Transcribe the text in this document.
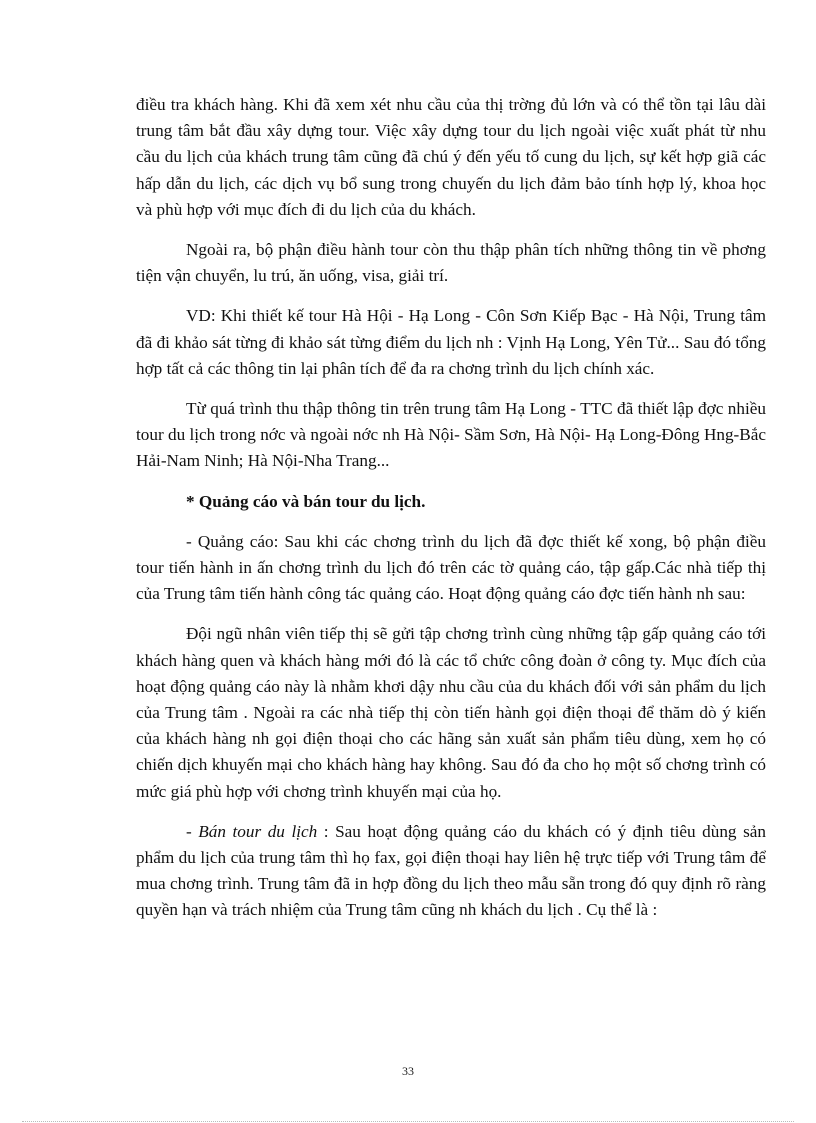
điều tra khách hàng. Khi đã xem xét nhu cầu của thị trờng đủ lớn và có thể tồn tại lâu dài trung tâm bắt đầu xây dựng tour. Việc xây dựng tour du lịch ngoài việc xuất phát từ nhu cầu du lịch của khách trung tâm cũng đã chú ý đến yếu tố cung du lịch, sự kết hợp giã các hấp dẫn du lịch, các dịch vụ bổ sung trong chuyến du lịch đảm bảo tính hợp lý, khoa học và phù hợp với mục đích đi du lịch của du khách.

Ngoài ra, bộ phận điều hành tour còn thu thập phân tích những thông tin về phơng tiện vận chuyển, lu trú, ăn uống, visa, giải trí.

VD: Khi thiết kế tour Hà Hội - Hạ Long - Côn Sơn Kiếp Bạc - Hà Nội, Trung tâm đã đi khảo sát từng đi khảo sát từng điểm du lịch nh : Vịnh Hạ Long, Yên Tử... Sau đó tổng hợp tất cả các thông tin lại phân tích để đa ra chơng trình du lịch chính xác.

Từ quá trình thu thập thông tin trên trung tâm Hạ Long - TTC đã thiết lập đợc nhiều tour du lịch trong nớc và ngoài nớc nh Hà Nội- Sầm Sơn, Hà Nội- Hạ Long-Đông Hng-Bắc Hải-Nam Ninh; Hà Nội-Nha Trang...

* Quảng cáo và bán tour du lịch.

- Quảng cáo: Sau khi các chơng trình du lịch đã đợc thiết kế xong, bộ phận điều tour tiến hành in ấn chơng trình du lịch đó trên các tờ quảng cáo, tập gấp.Các nhà tiếp thị của Trung tâm tiến hành công tác quảng cáo. Hoạt động quảng cáo đợc tiến hành nh sau:

Đội ngũ nhân viên tiếp thị sẽ gửi tập chơng trình cùng những tập gấp quảng cáo tới khách hàng quen và khách hàng mới đó là các tổ chức công đoàn ở công ty. Mục đích của hoạt động quảng cáo này là nhằm khơi dậy nhu cầu của du khách đối với sản phẩm du lịch của Trung tâm . Ngoài ra các nhà tiếp thị còn tiến hành gọi điện thoại để thăm dò ý kiến của khách hàng nh gọi điện thoại cho các hãng sản xuất sản phẩm tiêu dùng, xem họ có chiến dịch khuyến mại cho khách hàng hay không. Sau đó đa cho họ một số chơng trình có mức giá phù hợp với chơng trình khuyến mại của họ.

- Bán tour du lịch : Sau hoạt động quảng cáo du khách có ý định tiêu dùng sản phẩm du lịch của trung tâm thì họ fax, gọi điện thoại hay liên hệ trực tiếp với Trung tâm để mua chơng trình. Trung tâm đã in hợp đồng du lịch theo mẫu sẵn trong đó quy định rõ ràng quyền hạn và trách nhiệm của Trung tâm cũng nh khách du lịch . Cụ thể là :

33
